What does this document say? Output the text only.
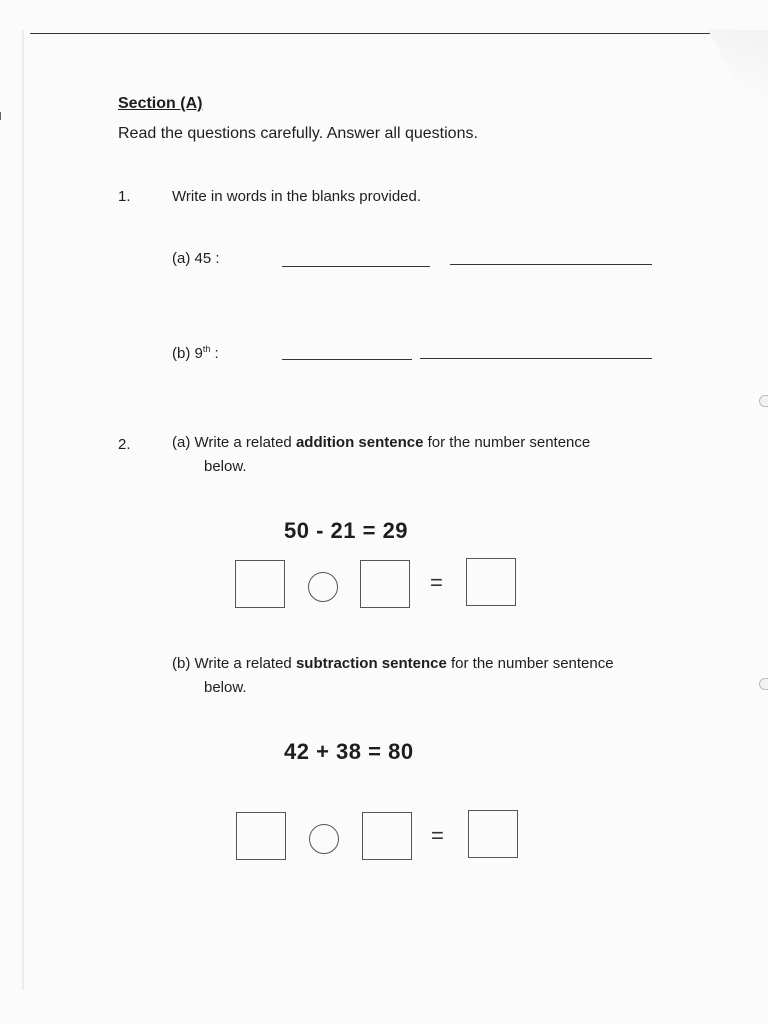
Section (A)
Read the questions carefully. Answer all questions.
1.	Write in words in the blanks provided.
(a) 45 :
(b) 9th :
2.	(a) Write a related addition sentence for the number sentence
below.
50 - 21 = 29
=
(b) Write a related subtraction sentence for the number sentence
below.
42 + 38 = 80
=
